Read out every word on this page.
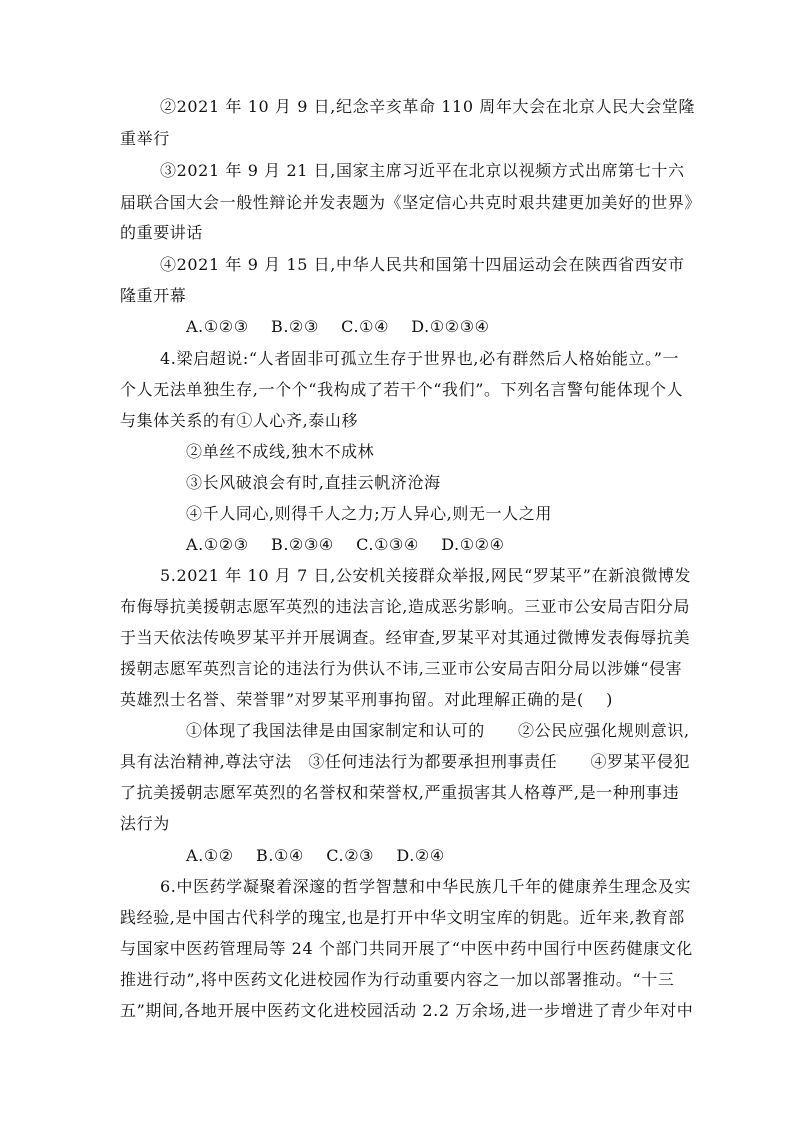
②2021 年 10 月 9 日,纪念辛亥革命 110 周年大会在北京人民大会堂隆
重举行
③2021 年 9 月 21 日,国家主席习近平在北京以视频方式出席第七十六
届联合国大会一般性辩论并发表题为《坚定信心共克时艰共建更加美好的世界》
的重要讲话
④2021 年 9 月 15 日,中华人民共和国第十四届运动会在陕西省西安市
隆重开幕
A.①②③　 B.②③　 C.①④　 D.①②③④
4.梁启超说:“人者固非可孤立生存于世界也,必有群然后人格始能立。”一
个人无法单独生存,一个个“我构成了若干个“我们”。下列名言警句能体现个人
与集体关系的有①人心齐,泰山移
②单丝不成线,独木不成林
③长风破浪会有时,直挂云帆济沧海
④千人同心,则得千人之力;万人异心,则无一人之用
A.①②③　 B.②③④　 C.①③④　 D.①②④
5.2021 年 10 月 7 日,公安机关接群众举报,网民“罗某平”在新浪微博发
布侮辱抗美援朝志愿军英烈的违法言论,造成恶劣影响。三亚市公安局吉阳分局
于当天依法传唤罗某平并开展调查。经审查,罗某平对其通过微博发表侮辱抗美
援朝志愿军英烈言论的违法行为供认不讳,三亚市公安局吉阳分局以涉嫌“侵害
英雄烈士名誉、荣誉罪”对罗某平刑事拘留。对此理解正确的是(　 )
①体现了我国法律是由国家制定和认可的　　②公民应强化规则意识,
具有法治精神,尊法守法　③任何违法行为都要承担刑事责任　　④罗某平侵犯
了抗美援朝志愿军英烈的名誉权和荣誉权,严重损害其人格尊严,是一种刑事违
法行为
A.①②　 B.①④　 C.②③　 D.②④
6.中医药学凝聚着深邃的哲学智慧和中华民族几千年的健康养生理念及实
践经验,是中国古代科学的瑰宝,也是打开中华文明宝库的钥匙。近年来,教育部
与国家中医药管理局等 24 个部门共同开展了“中医中药中国行中医药健康文化
推进行动”,将中医药文化进校园作为行动重要内容之一加以部署推动。“十三
五”期间,各地开展中医药文化进校园活动 2.2 万余场,进一步增进了青少年对中
